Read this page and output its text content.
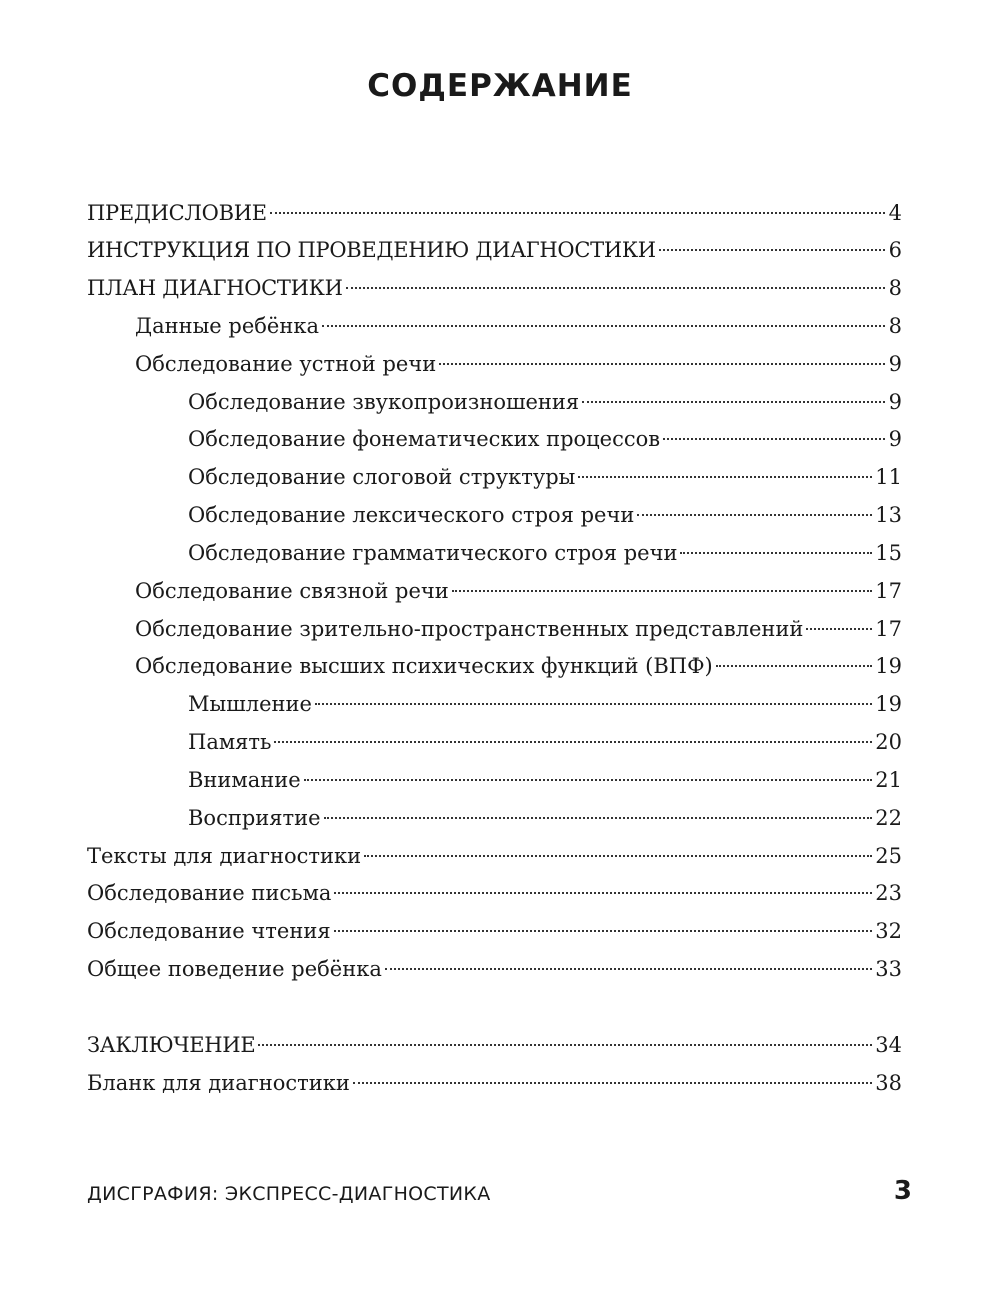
СОДЕРЖАНИЕ
ПРЕДИСЛОВИЕ	4
ИНСТРУКЦИЯ ПО ПРОВЕДЕНИЮ ДИАГНОСТИКИ	6
ПЛАН ДИАГНОСТИКИ	8
Данные ребёнка	8
Обследование устной речи	9
Обследование звукопроизношения	9
Обследование фонематических процессов	9
Обследование слоговой структуры	11
Обследование лексического строя речи	13
Обследование грамматического строя речи	15
Обследование связной речи	17
Обследование зрительно-пространственных представлений	17
Обследование высших психических функций (ВПФ)	19
Мышление	19
Память	20
Внимание	21
Восприятие	22
Тексты для диагностики	25
Обследование письма	23
Обследование чтения	32
Общее поведение ребёнка	33
ЗАКЛЮЧЕНИЕ	34
Бланк для диагностики	38
ДИСГРАФИЯ: ЭКСПРЕСС-ДИАГНОСТИКА	3
